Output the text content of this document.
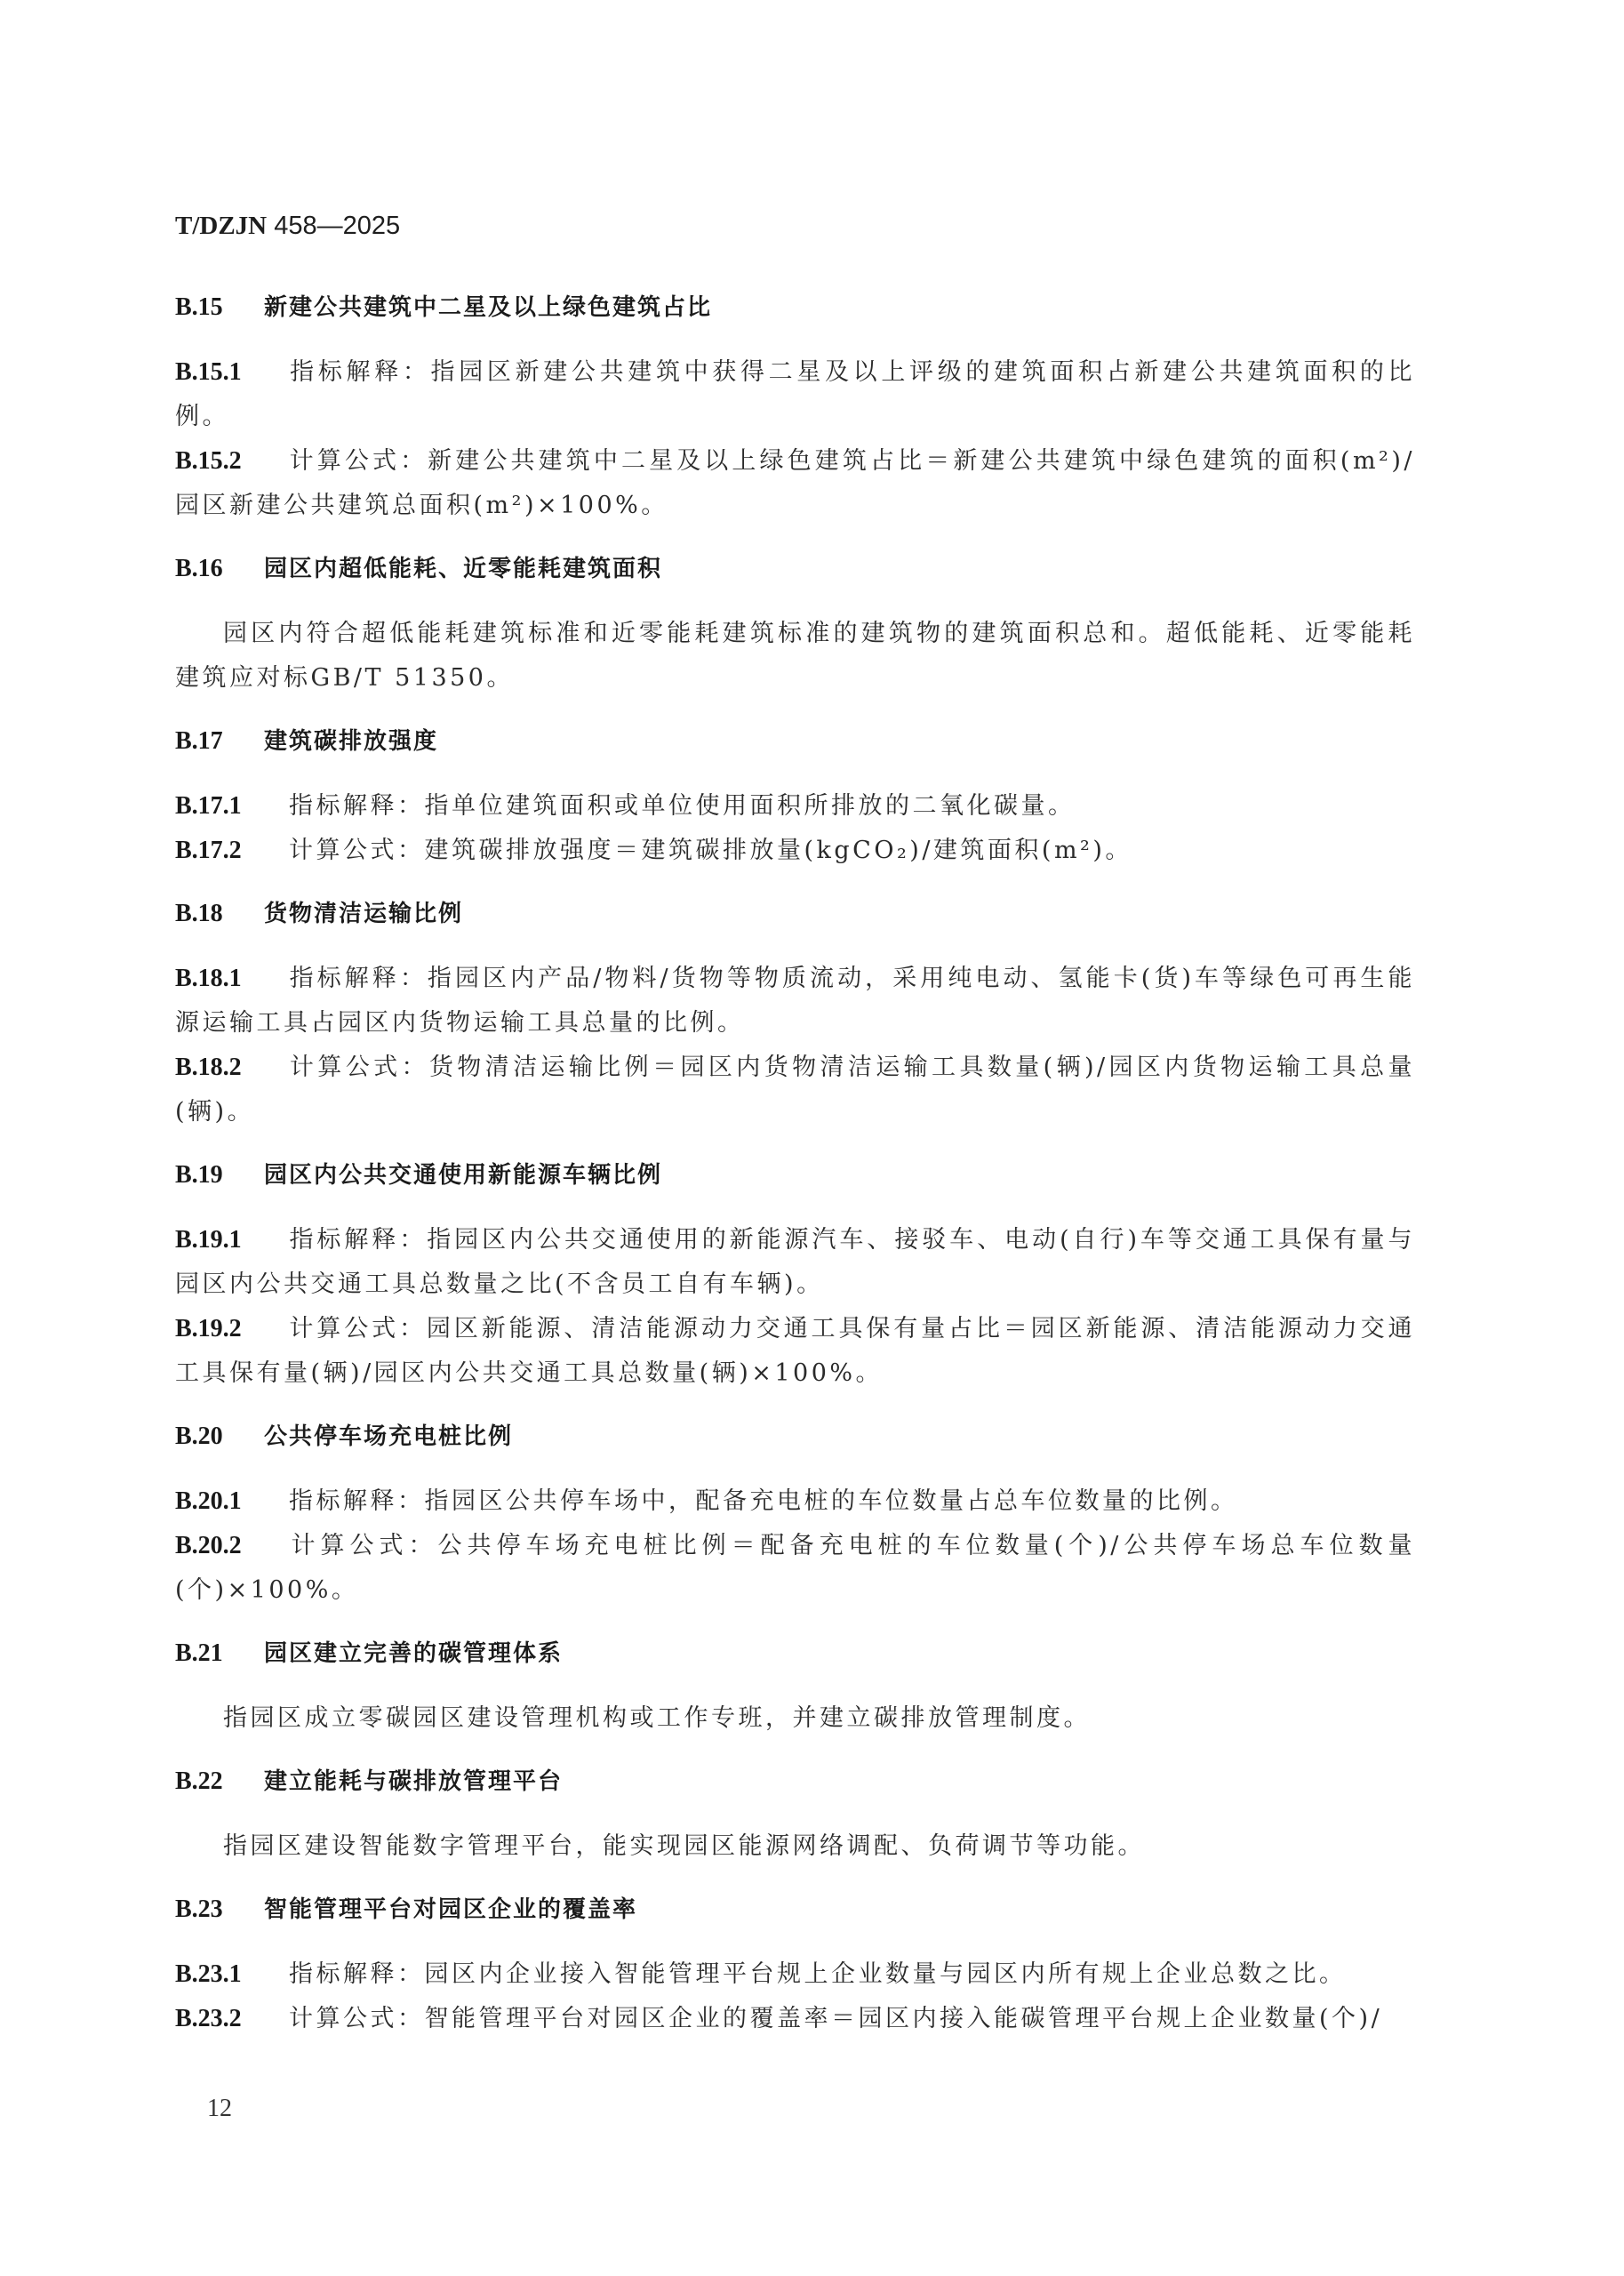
T/DZJN 458—2025
B.15 新建公共建筑中二星及以上绿色建筑占比

B.15.1 指标解释：指园区新建公共建筑中获得二星及以上评级的建筑面积占新建公共建筑面积的比例。

B.15.2 计算公式：新建公共建筑中二星及以上绿色建筑占比＝新建公共建筑中绿色建筑的面积(m²)/园区新建公共建筑总面积(m²)×100%。

B.16 园区内超低能耗、近零能耗建筑面积

园区内符合超低能耗建筑标准和近零能耗建筑标准的建筑物的建筑面积总和。超低能耗、近零能耗建筑应对标GB/T 51350。

B.17 建筑碳排放强度

B.17.1 指标解释：指单位建筑面积或单位使用面积所排放的二氧化碳量。

B.17.2 计算公式：建筑碳排放强度＝建筑碳排放量(kgCO₂)/建筑面积(m²)。

B.18 货物清洁运输比例

B.18.1 指标解释：指园区内产品/物料/货物等物质流动，采用纯电动、氢能卡(货)车等绿色可再生能源运输工具占园区内货物运输工具总量的比例。

B.18.2 计算公式：货物清洁运输比例＝园区内货物清洁运输工具数量(辆)/园区内货物运输工具总量(辆)。

B.19 园区内公共交通使用新能源车辆比例

B.19.1 指标解释：指园区内公共交通使用的新能源汽车、接驳车、电动(自行)车等交通工具保有量与园区内公共交通工具总数量之比(不含员工自有车辆)。

B.19.2 计算公式：园区新能源、清洁能源动力交通工具保有量占比＝园区新能源、清洁能源动力交通工具保有量(辆)/园区内公共交通工具总数量(辆)×100%。

B.20 公共停车场充电桩比例

B.20.1 指标解释：指园区公共停车场中，配备充电桩的车位数量占总车位数量的比例。

B.20.2 计算公式：公共停车场充电桩比例＝配备充电桩的车位数量(个)/公共停车场总车位数量(个)×100%。

B.21 园区建立完善的碳管理体系

指园区成立零碳园区建设管理机构或工作专班，并建立碳排放管理制度。

B.22 建立能耗与碳排放管理平台

指园区建设智能数字管理平台，能实现园区能源网络调配、负荷调节等功能。

B.23 智能管理平台对园区企业的覆盖率

B.23.1 指标解释：园区内企业接入智能管理平台规上企业数量与园区内所有规上企业总数之比。

B.23.2 计算公式：智能管理平台对园区企业的覆盖率＝园区内接入能碳管理平台规上企业数量(个)/

12
